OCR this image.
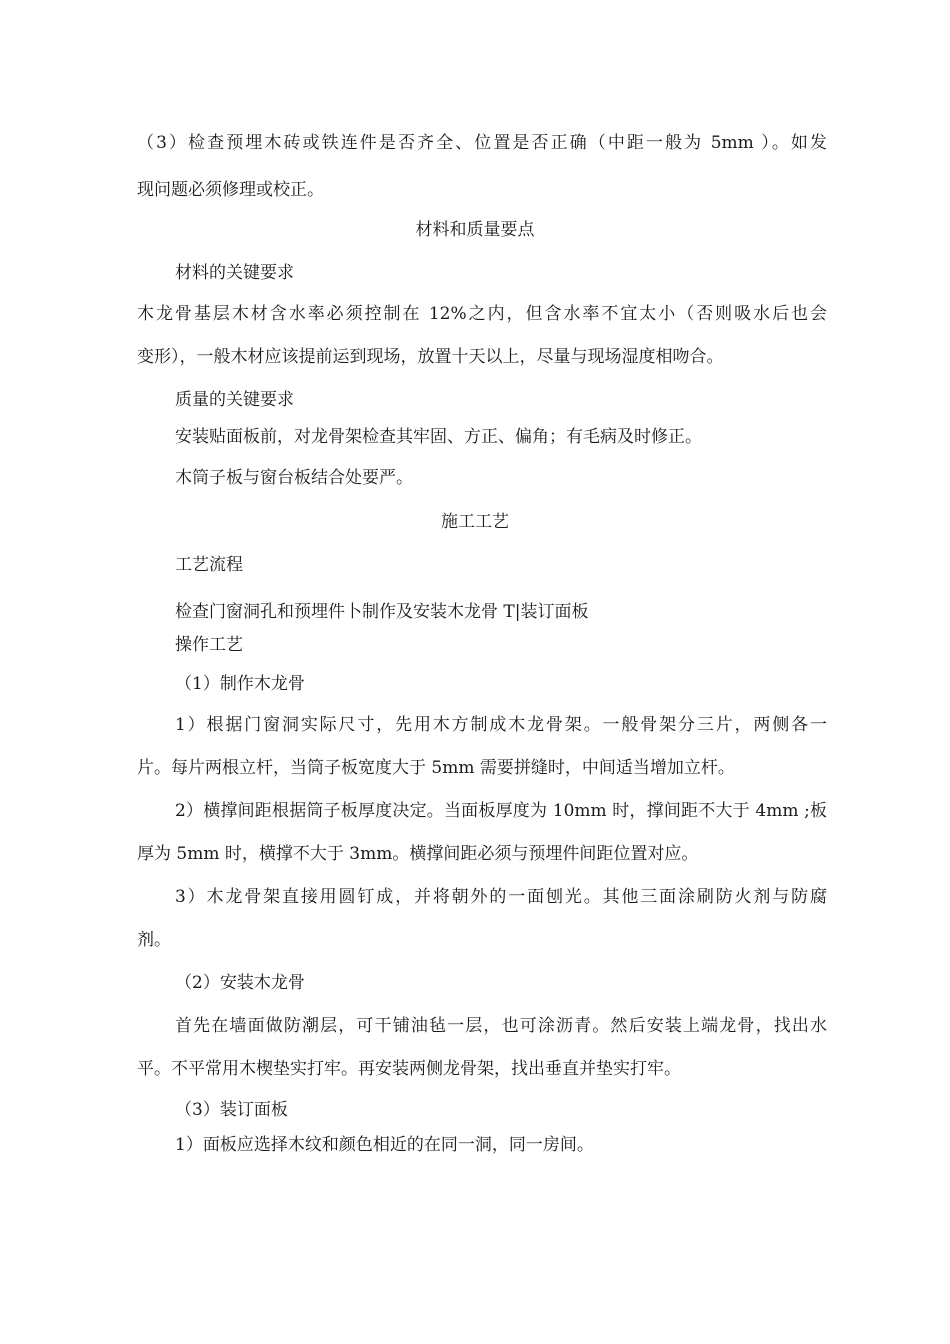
（3）检查预埋木砖或铁连件是否齐全、位置是否正确（中距一般为 5mm ）。如发

现问题必须修理或校正。

材料和质量要点

材料的关键要求

木龙骨基层木材含水率必须控制在 12%之内，但含水率不宜太小（否则吸水后也会

变形），一般木材应该提前运到现场，放置十天以上，尽量与现场湿度相吻合。

质量的关键要求

安装贴面板前，对龙骨架检查其牢固、方正、偏角；有毛病及时修正。

木筒子板与窗台板结合处要严。

施工工艺

工艺流程

检查门窗洞孔和预埋件卜制作及安装木龙骨 T|装订面板

操作工艺

（1）制作木龙骨

1）根据门窗洞实际尺寸，先用木方制成木龙骨架。一般骨架分三片，两侧各一

片。每片两根立杆，当筒子板宽度大于 5mm 需要拼缝时，中间适当增加立杆。

2）横撑间距根据筒子板厚度决定。当面板厚度为 10mm 时，撑间距不大于 4mm ;板

厚为 5mm 时，横撑不大于 3mm。横撑间距必须与预埋件间距位置对应。

3）木龙骨架直接用圆钉成，并将朝外的一面刨光。其他三面涂刷防火剂与防腐

剂。

（2）安装木龙骨

首先在墙面做防潮层，可干铺油毡一层，也可涂沥青。然后安装上端龙骨，找出水

平。不平常用木楔垫实打牢。再安装两侧龙骨架，找出垂直并垫实打牢。

（3）装订面板

1）面板应选择木纹和颜色相近的在同一洞，同一房间。
